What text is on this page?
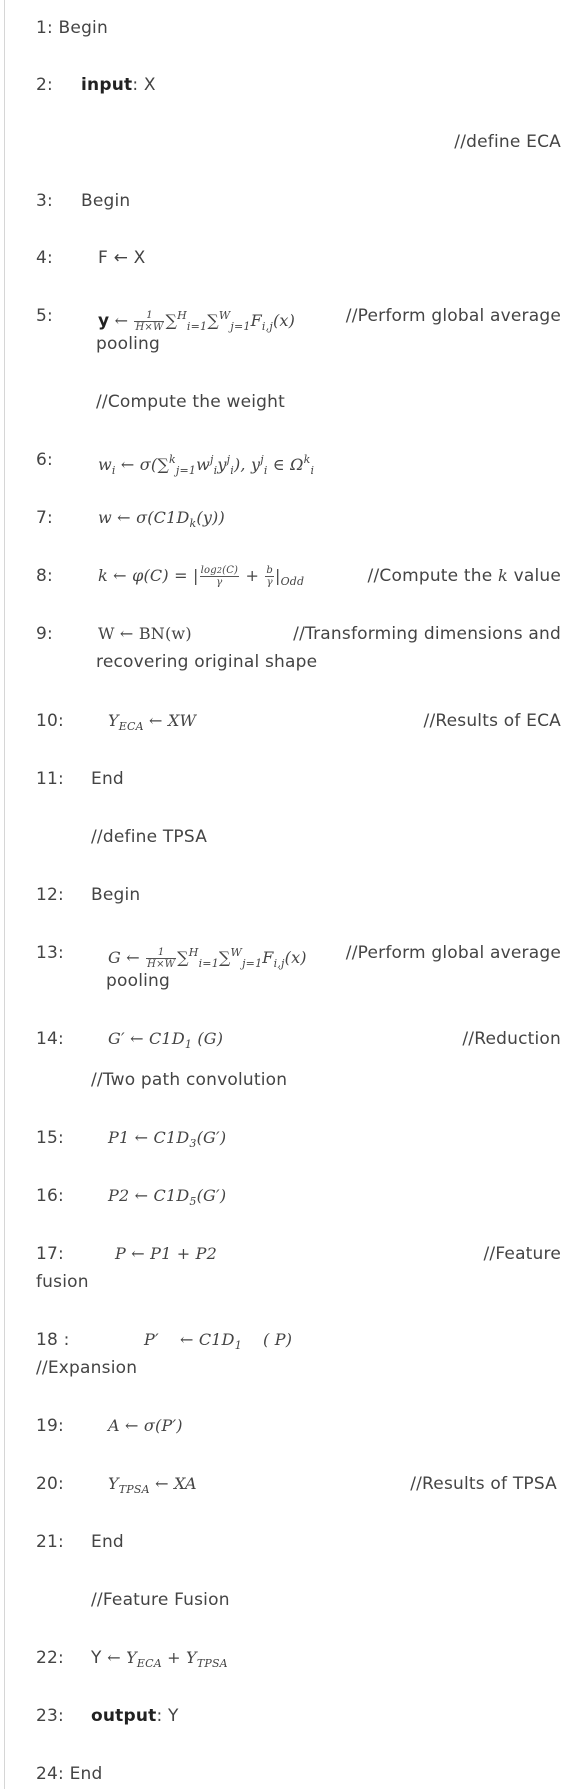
1: Begin
2: input: X
//define ECA
3: Begin
4:	F ← X
5:	y ← $\frac{1}{H\times W} \sum^H_{i=1}\sum^W_{j=1}F_{i,j}(x)$	//Perform global average
pooling
//Compute the weight
6:	$w_i$ ← $\sigma(\sum^k_{j=1}w^j_iy^j_i)$, $y^j_i$ ∈ $\Omega^k_i$
7:	w ← $\sigma(C1D_k(y))$
8:	k ← φ(C) = | $\frac{\log 2(C)}{\gamma} + \frac{b}{\gamma} |_{Odd}$	//Compute the k value
9:	W ← BN(w)	//Transforming dimensions and
recovering original shape
10:	$Y_{ECA}$ ← XW	//Results of ECA
11: End
//define TPSA
12: Begin
13:	G ← $\frac{1}{H\times W} \sum^H_{i=1}\sum^W_{j=1}F_{i,j}(x)$ //Perform global average
pooling
14:	G′ ← $C1D_1$ (G)	//Reduction
//Two path convolution
15:	P1 ← $C1D_3(G')$
16:	P2 ← $C1D_5(G')$
17:	P ← P1 + P2	//Feature
fusion
18 :	P′    ← $C1D_1$    ( P)
//Expansion
19:	A ← σ(P′)
20:	$Y_{TPSA}$ ← XA	//Results of TPSA
21: End
//Feature Fusion
22: Y ← $Y_{ECA} + Y_{TPSA}$
23: output: Y
24: End
